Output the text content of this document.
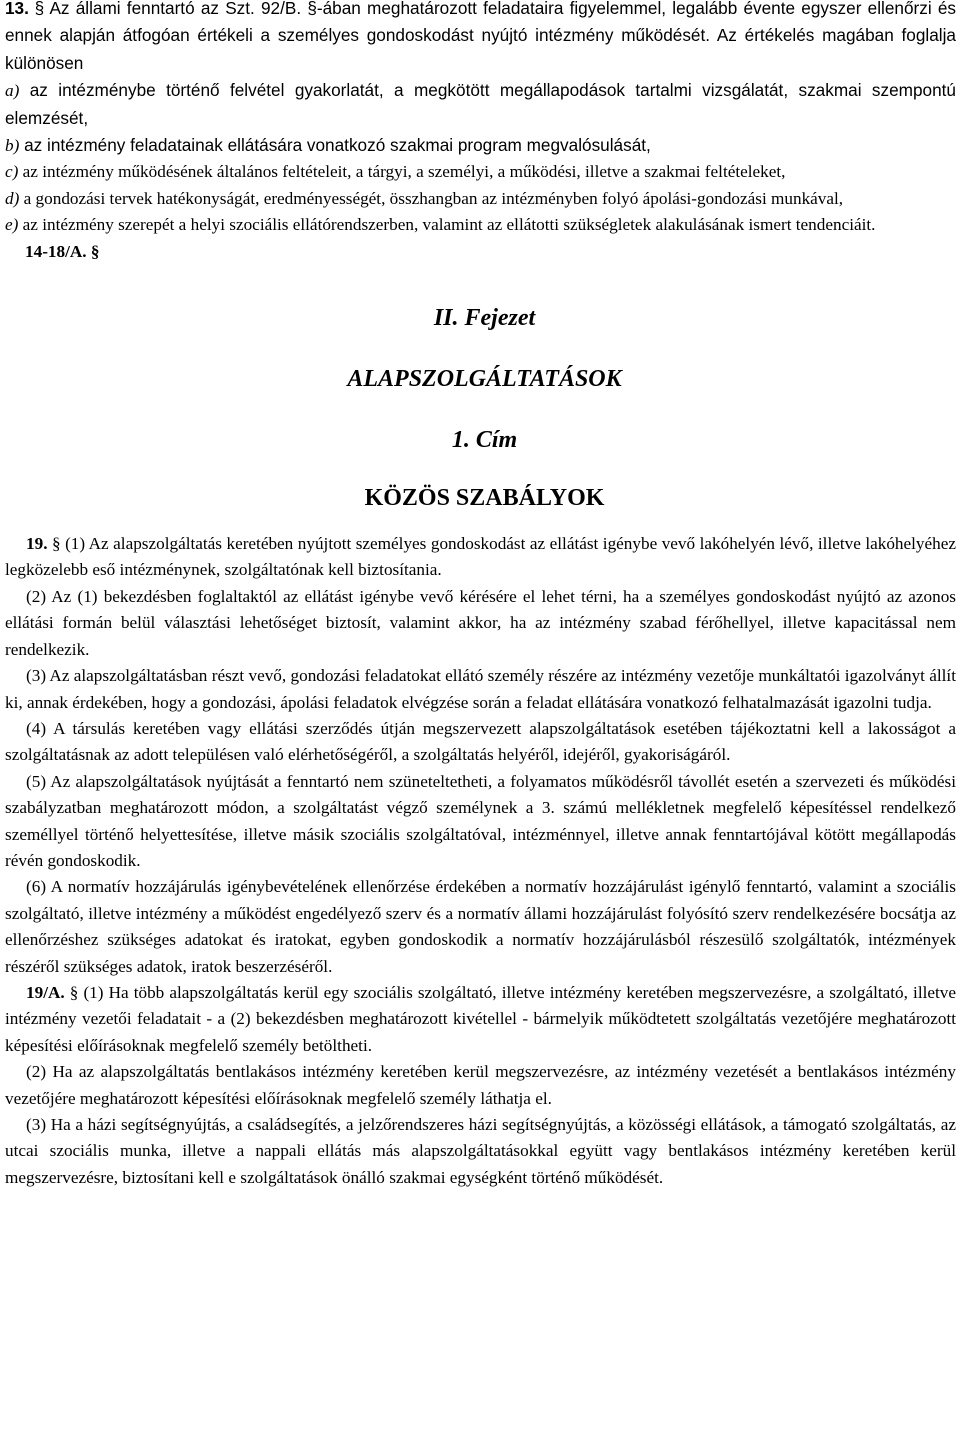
13. § Az állami fenntartó az Szt. 92/B. §-ában meghatározott feladataira figyelemmel, legalább évente egyszer ellenőrzi és ennek alapján átfogóan értékeli a személyes gondoskodást nyújtó intézmény működését. Az értékelés magában foglalja különösen

a) az intézménybe történő felvétel gyakorlatát, a megkötött megállapodások tartalmi vizsgálatát, szakmai szempontú elemzését,

b) az intézmény feladatainak ellátására vonatkozó szakmai program megvalósulását,

c) az intézmény működésének általános feltételeit, a tárgyi, a személyi, a működési, illetve a szakmai feltételeket,

d) a gondozási tervek hatékonyságát, eredményességét, összhangban az intézményben folyó ápolási-gondozási munkával,

e) az intézmény szerepét a helyi szociális ellátórendszerben, valamint az ellátotti szükségletek alakulásának ismert tendenciáit.

14-18/A. §

II. Fejezet

ALAPSZOLGÁLTATÁSOK

1. Cím

KÖZÖS SZABÁLYOK

19. § (1) Az alapszolgáltatás keretében nyújtott személyes gondoskodást az ellátást igénybe vevő lakóhelyén lévő, illetve lakóhelyéhez legközelebb eső intézménynek, szolgáltatónak kell biztosítania.

(2) Az (1) bekezdésben foglaltaktól az ellátást igénybe vevő kérésére el lehet térni, ha a személyes gondoskodást nyújtó az azonos ellátási formán belül választási lehetőséget biztosít, valamint akkor, ha az intézmény szabad férőhellyel, illetve kapacitással nem rendelkezik.

(3) Az alapszolgáltatásban részt vevő, gondozási feladatokat ellátó személy részére az intézmény vezetője munkáltatói igazolványt állít ki, annak érdekében, hogy a gondozási, ápolási feladatok elvégzése során a feladat ellátására vonatkozó felhatalmazását igazolni tudja.

(4) A társulás keretében vagy ellátási szerződés útján megszervezett alapszolgáltatások esetében tájékoztatni kell a lakosságot a szolgáltatásnak az adott településen való elérhetőségéről, a szolgáltatás helyéről, idejéről, gyakoriságáról.

(5) Az alapszolgáltatások nyújtását a fenntartó nem szüneteltetheti, a folyamatos működésről távollét esetén a szervezeti és működési szabályzatban meghatározott módon, a szolgáltatást végző személynek a 3. számú mellékletnek megfelelő képesítéssel rendelkező személlyel történő helyettesítése, illetve másik szociális szolgáltatóval, intézménnyel, illetve annak fenntartójával kötött megállapodás révén gondoskodik.

(6) A normatív hozzájárulás igénybevételének ellenőrzése érdekében a normatív hozzájárulást igénylő fenntartó, valamint a szociális szolgáltató, illetve intézmény a működést engedélyező szerv és a normatív állami hozzájárulást folyósító szerv rendelkezésére bocsátja az ellenőrzéshez szükséges adatokat és iratokat, egyben gondoskodik a normatív hozzájárulásból részesülő szolgáltatók, intézmények részéről szükséges adatok, iratok beszerzéséről.

19/A. § (1) Ha több alapszolgáltatás kerül egy szociális szolgáltató, illetve intézmény keretében megszervezésre, a szolgáltató, illetve intézmény vezetői feladatait - a (2) bekezdésben meghatározott kivétellel - bármelyik működtetett szolgáltatás vezetőjére meghatározott képesítési előírásoknak megfelelő személy betöltheti.

(2) Ha az alapszolgáltatás bentlakásos intézmény keretében kerül megszervezésre, az intézmény vezetését a bentlakásos intézmény vezetőjére meghatározott képesítési előírásoknak megfelelő személy láthatja el.

(3) Ha a házi segítségnyújtás, a családsegítés, a jelzőrendszeres házi segítségnyújtás, a közösségi ellátások, a támogató szolgáltatás, az utcai szociális munka, illetve a nappali ellátás más alapszolgáltatásokkal együtt vagy bentlakásos intézmény keretében kerül megszervezésre, biztosítani kell e szolgáltatások önálló szakmai egységként történő működését.
